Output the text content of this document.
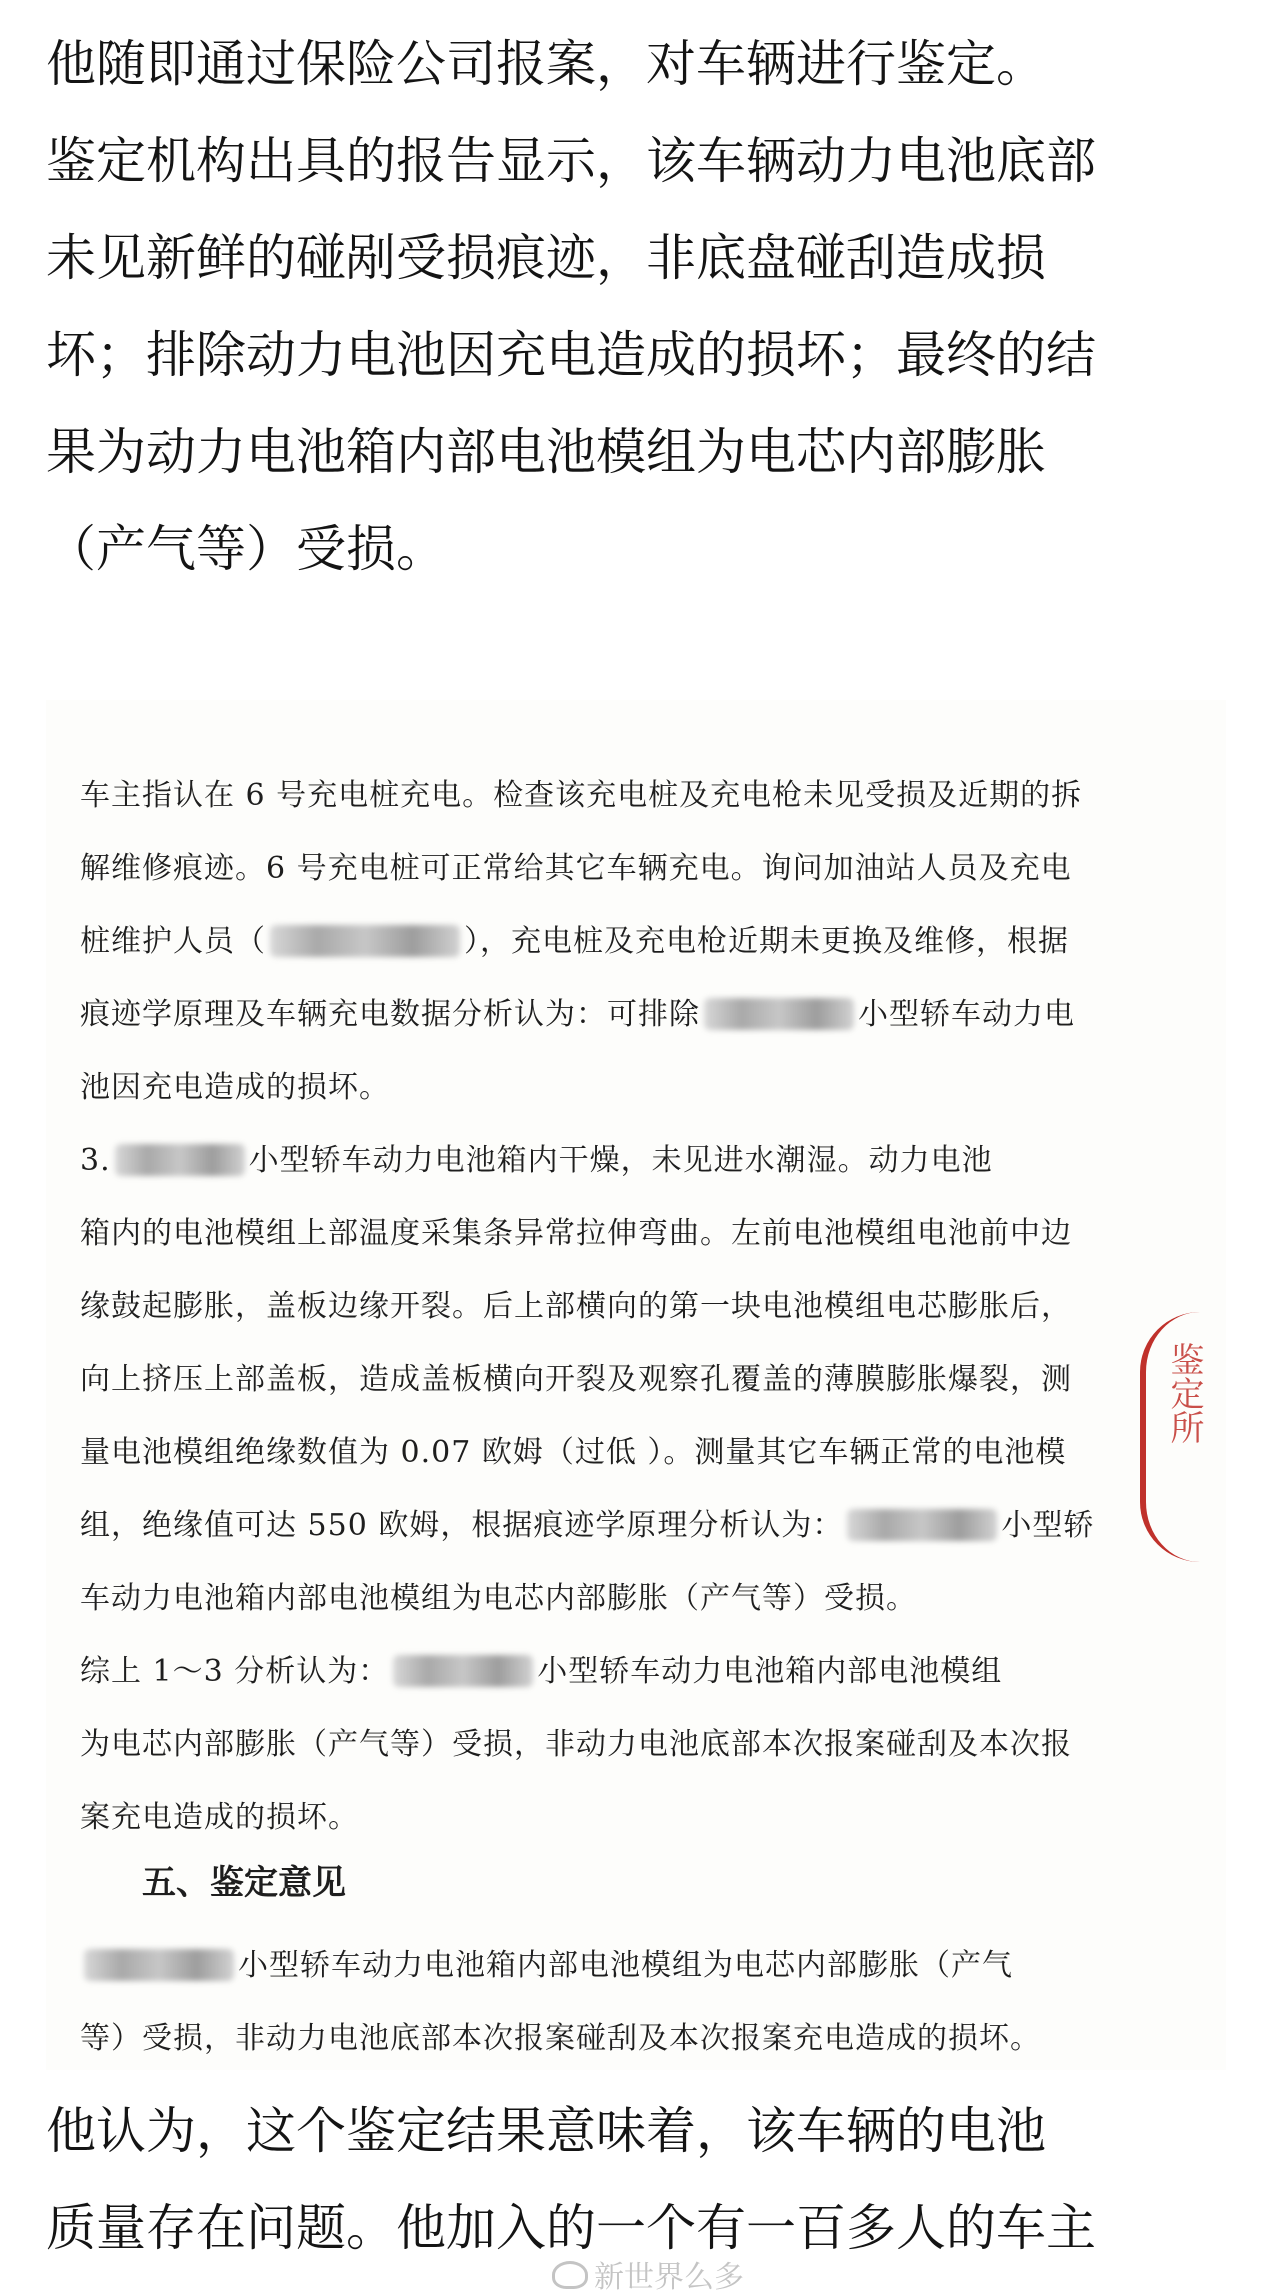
他随即通过保险公司报案，对车辆进行鉴定。
鉴定机构出具的报告显示，该车辆动力电池底部
未见新鲜的碰剐受损痕迹，非底盘碰刮造成损
坏；排除动力电池因充电造成的损坏；最终的结
果为动力电池箱内部电池模组为电芯内部膨胀
（产气等）受损。
车主指认在 6 号充电桩充电。检查该充电桩及充电枪未见受损及近期的拆
解维修痕迹。6 号充电桩可正常给其它车辆充电。询问加油站人员及充电
桩维护人员（	），充电桩及充电枪近期未更换及维修，根据
痕迹学原理及车辆充电数据分析认为：可排除	小型轿车动力电
池因充电造成的损坏。
3.	小型轿车动力电池箱内干燥，未见进水潮湿。动力电池
箱内的电池模组上部温度采集条异常拉伸弯曲。左前电池模组电池前中边
缘鼓起膨胀，盖板边缘开裂。后上部横向的第一块电池模组电芯膨胀后，
向上挤压上部盖板，造成盖板横向开裂及观察孔覆盖的薄膜膨胀爆裂，测
量电池模组绝缘数值为 0.07 欧姆（过低 ）。测量其它车辆正常的电池模
组，绝缘值可达 550 欧姆，根据痕迹学原理分析认为：	小型轿
车动力电池箱内部电池模组为电芯内部膨胀（产气等）受损。
综上 1～3 分析认为：	小型轿车动力电池箱内部电池模组
为电芯内部膨胀（产气等）受损，非动力电池底部本次报案碰刮及本次报
案充电造成的损坏。
五、鉴定意见
小型轿车动力电池箱内部电池模组为电芯内部膨胀（产气
等）受损，非动力电池底部本次报案碰刮及本次报案充电造成的损坏。
鉴定所
他认为，这个鉴定结果意味着，该车辆的电池
质量存在问题。他加入的一个有一百多人的车主
新世界么多
